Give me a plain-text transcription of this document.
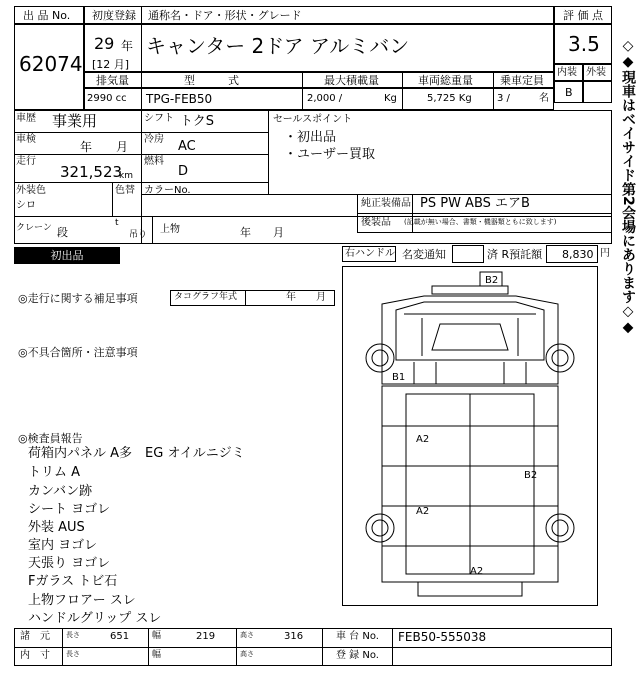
◇◆現車はベイサイド第2会場にあります◇◆
出 品 No.
62074
初度登録 通称名・ドア・形状・グレード
29 年
[12 月]
キャンター 2ドア アルミバン
評 価 点
3.5
内装 外装
B
排気量	型　　　式	最大積載量	車両総重量 乗車定員
2990 cc TPG-FEB50	2,000 /	Kg	5,725 Kg	3 /	名
車歴 事業用	シフト トクS
車検
年　　月
冷房 AC
走行
321,523
km
燃料
D
外装色
シロ
色替 カラーNo.
クレーン 段
t
吊り 上物	年　　月
セールスポイント
・初出品
・ユーザー買取
純正装備品 PS PW ABS エアB
後装品 (記載が無い場合、書類・機器類ともに致します)
初出品	右ハンドル 名変通知	済 R預託額 8,830 円
◎走行に関する補足事項	タコグラフ年式	年　　月
◎不具合箇所・注意事項
◎検査員報告
荷箱内パネル A多　EG オイルニジミ
トリム A
カンバン跡
シート ヨゴレ
外装 AUS
室内 ヨゴレ
天張り ヨゴレ
Fガラス トビ石
上物フロアー スレ
ハンドルグリップ スレ
B2
B1
A2
B2
A2
A2
諸　元 長さ	651	幅	219	高さ	316	車 台 No. FEB50-555038
内　寸 長さ	幅	高さ	登 録 No.
